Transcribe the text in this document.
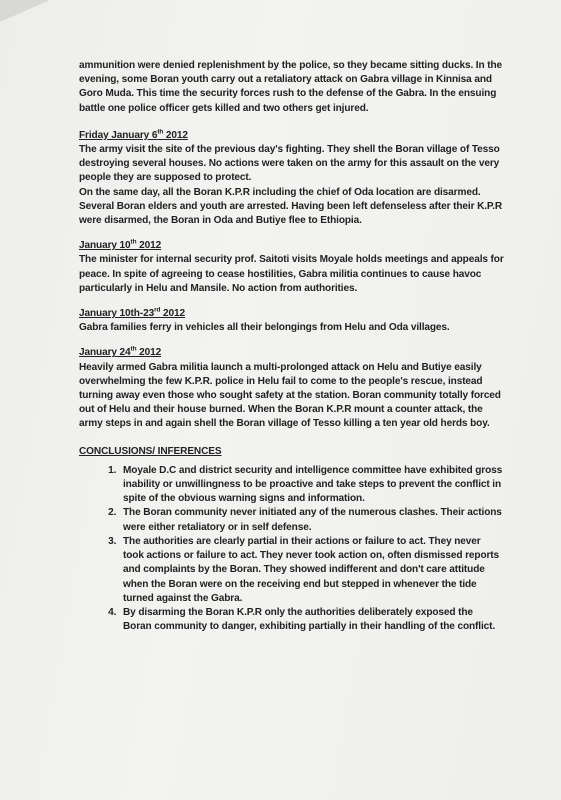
ammunition were denied replenishment by the police, so they became sitting ducks. In the evening, some Boran youth carry out a retaliatory attack on Gabra village in Kinnisa and Goro Muda. This time the security forces rush to the defense of the Gabra. In the ensuing battle one police officer gets killed and two others get injured.

Friday January 6th 2012

The army visit the site of the previous day's fighting. They shell the Boran village of Tesso destroying several houses. No actions were taken on the army for this assault on the very people they are supposed to protect.

On the same day, all the Boran K.P.R including the chief of Oda location are disarmed. Several Boran elders and youth are arrested. Having been left defenseless after their K.P.R were disarmed, the Boran in Oda and Butiye flee to Ethiopia.

January 10th 2012

The minister for internal security prof. Saitoti visits Moyale holds meetings and appeals for peace. In spite of agreeing to cease hostilities, Gabra militia continues to cause havoc particularly in Helu and Mansile. No action from authorities.

January 10th-23rd 2012

Gabra families ferry in vehicles all their belongings from Helu and Oda villages.

January 24th 2012

Heavily armed Gabra militia launch a multi-prolonged attack on Helu and Butiye easily overwhelming the few K.P.R. police in Helu fail to come to the people's rescue, instead turning away even those who sought safety at the station. Boran community totally forced out of Helu and their house burned. When the Boran K.P.R mount a counter attack, the army steps in and again shell the Boran village of Tesso killing a ten year old herds boy.

CONCLUSIONS/ INFERENCES

1. Moyale D.C and district security and intelligence committee have exhibited gross inability or unwillingness to be proactive and take steps to prevent the conflict in spite of the obvious warning signs and information.
2. The Boran community never initiated any of the numerous clashes. Their actions were either retaliatory or in self defense.
3. The authorities are clearly partial in their actions or failure to act. They never took actions or failure to act. They never took action on, often dismissed reports and complaints by the Boran. They showed indifferent and don't care attitude when the Boran were on the receiving end but stepped in whenever the tide turned against the Gabra.
4. By disarming the Boran K.P.R only the authorities deliberately exposed the Boran community to danger, exhibiting partially in their handling of the conflict.
